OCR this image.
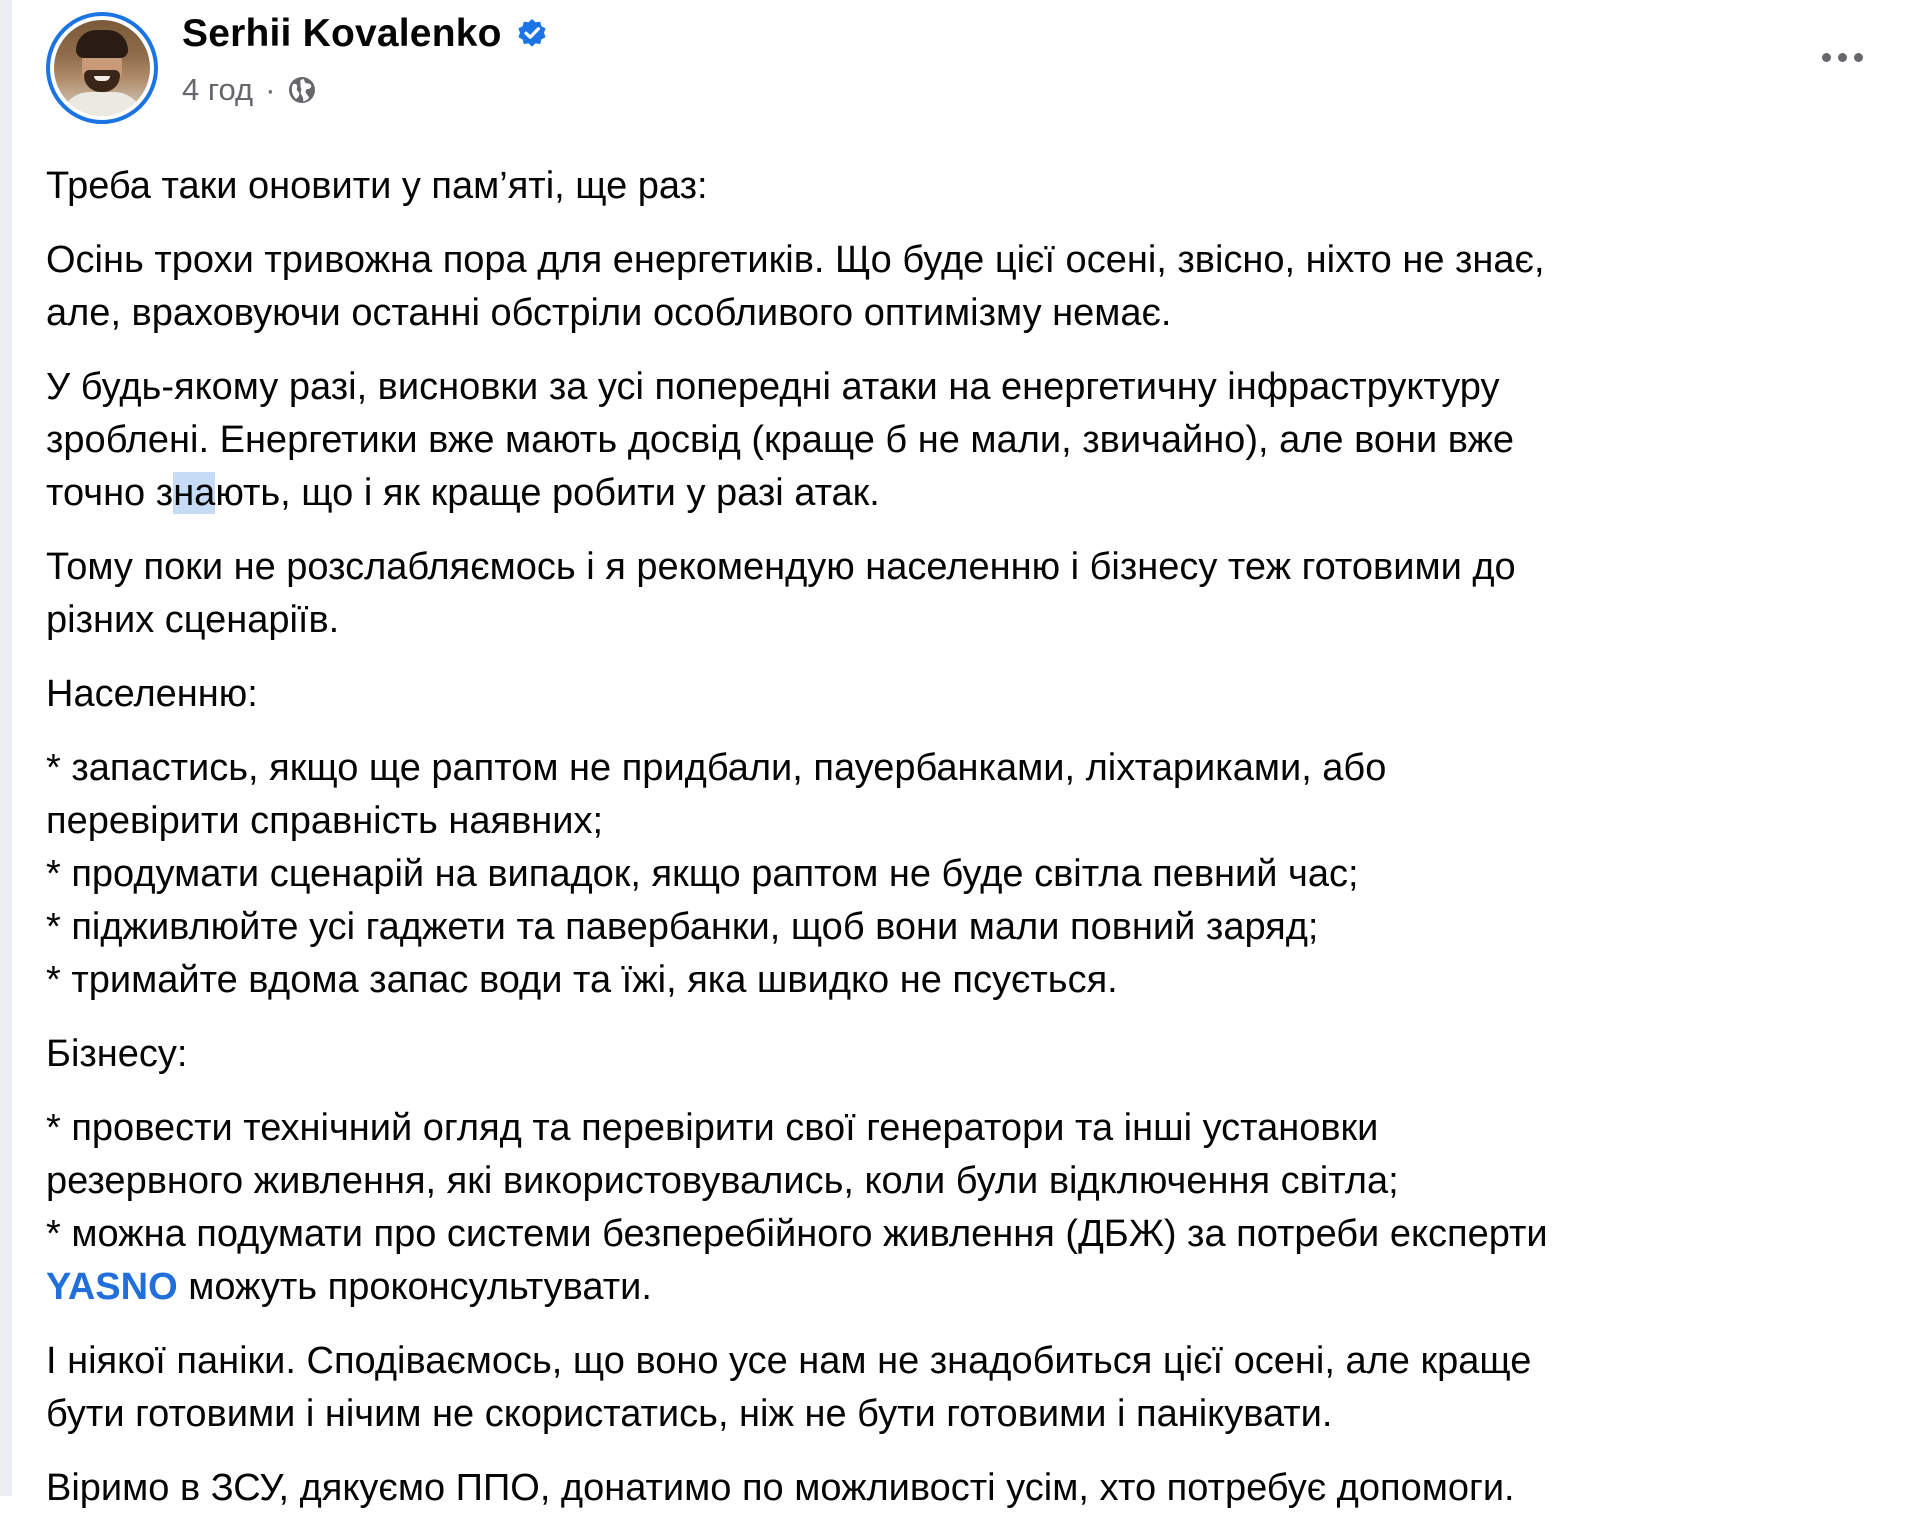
Serhii Kovalenko
4 год ·

Треба таки оновити у пам’яті, ще раз:

Осінь трохи тривожна пора для енергетиків. Що буде цієї осені, звісно, ніхто не знає,
але, враховуючи останні обстріли особливого оптимізму немає.

У будь-якому разі, висновки за усі попередні атаки на енергетичну інфраструктуру
зроблені. Енергетики вже мають досвід (краще б не мали, звичайно), але вони вже
точно знають, що і як краще робити у разі атак.

Тому поки не розслабляємось і я рекомендую населенню і бізнесу теж готовими до
різних сценаріїв.

Населенню:

* запастись, якщо ще раптом не придбали, пауербанками, ліхтариками, або
перевірити справність наявних;
* продумати сценарій на випадок, якщо раптом не буде світла певний час;
* підживлюйте усі гаджети та павербанки, щоб вони мали повний заряд;
* тримайте вдома запас води та їжі, яка швидко не псується.

Бізнесу:

* провести технічний огляд та перевірити свої генератори та інші установки
резервного живлення, які використовувались, коли були відключення світла;
* можна подумати про системи безперебійного живлення (ДБЖ) за потреби експерти
YASNO можуть проконсультувати.

І ніякої паніки. Сподіваємось, що воно усе нам не знадобиться цієї осені, але краще
бути готовими і нічим не скористатись, ніж не бути готовими і панікувати.

Віримо в ЗСУ, дякуємо ППО, донатимо по можливості усім, хто потребує допомоги.
